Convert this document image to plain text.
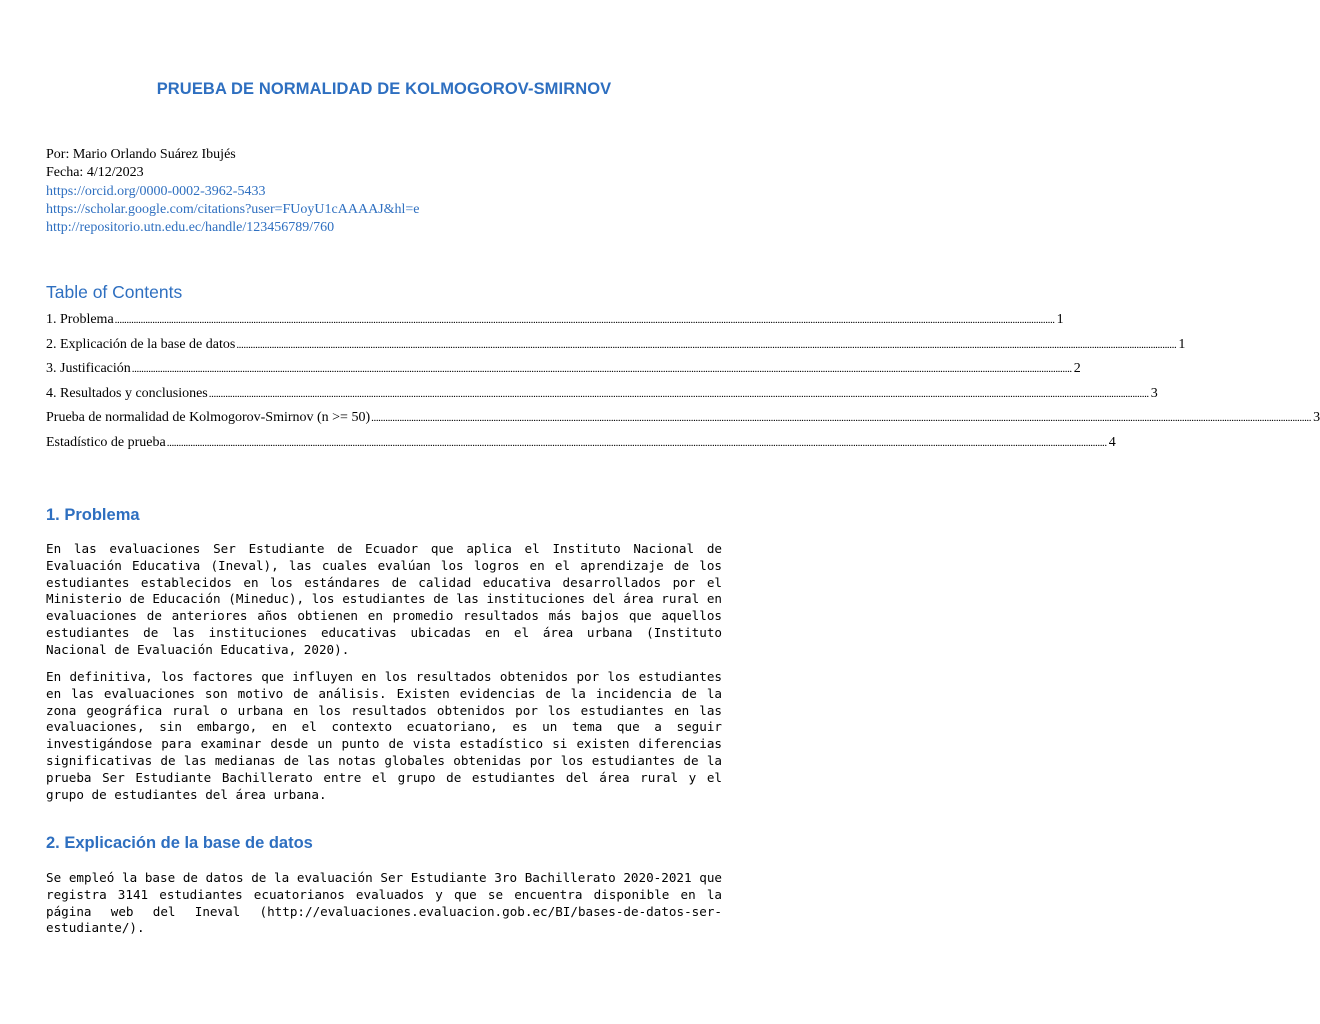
PRUEBA DE NORMALIDAD DE KOLMOGOROV-SMIRNOV
Por: Mario Orlando Suárez Ibujés
Fecha: 4/12/2023
https://orcid.org/0000-0002-3962-5433
https://scholar.google.com/citations?user=FUoyU1cAAAAJ&hl=e
http://repositorio.utn.edu.ec/handle/123456789/760
Table of Contents
1. Problema ................................................................................................................................................................................................................................................................................................................................................................................................................ 1
2. Explicación de la base de datos ................................................................................................................................................................................................................................................................................................................................................................................................................ 1
3. Justificación ................................................................................................................................................................................................................................................................................................................................................................................................................ 2
4. Resultados y conclusiones ................................................................................................................................................................................................................................................................................................................................................................................................................ 3
Prueba de normalidad de Kolmogorov-Smirnov (n >= 50) ................................................................................................................................................................................................................................................................................................................................................................................................................ 3
Estadístico de prueba ................................................................................................................................................................................................................................................................................................................................................................................................................ 4
1. Problema

En las evaluaciones Ser Estudiante de Ecuador que aplica el Instituto Nacional de Evaluación Educativa (Ineval), las cuales evalúan los logros en el aprendizaje de los estudiantes establecidos en los estándares de calidad educativa desarrollados por el Ministerio de Educación (Mineduc), los estudiantes de las instituciones del área rural en evaluaciones de anteriores años obtienen en promedio resultados más bajos que aquellos estudiantes de las instituciones educativas ubicadas en el área urbana (Instituto Nacional de Evaluación Educativa, 2020).

En definitiva, los factores que influyen en los resultados obtenidos por los estudiantes en las evaluaciones son motivo de análisis. Existen evidencias de la incidencia de la zona geográfica rural o urbana en los resultados obtenidos por los estudiantes en las evaluaciones, sin embargo, en el contexto ecuatoriano, es un tema que a seguir investigándose para examinar desde un punto de vista estadístico si existen diferencias significativas de las medianas de las notas globales obtenidas por los estudiantes de la prueba Ser Estudiante Bachillerato entre el grupo de estudiantes del área rural y el grupo de estudiantes del área urbana.

2. Explicación de la base de datos

Se empleó la base de datos de la evaluación Ser Estudiante 3ro Bachillerato 2020-2021 que registra 3141 estudiantes ecuatorianos evaluados y que se encuentra disponible en la página web del Ineval (http://evaluaciones.evaluacion.gob.ec/BI/bases-de-datos-ser-estudiante/).
